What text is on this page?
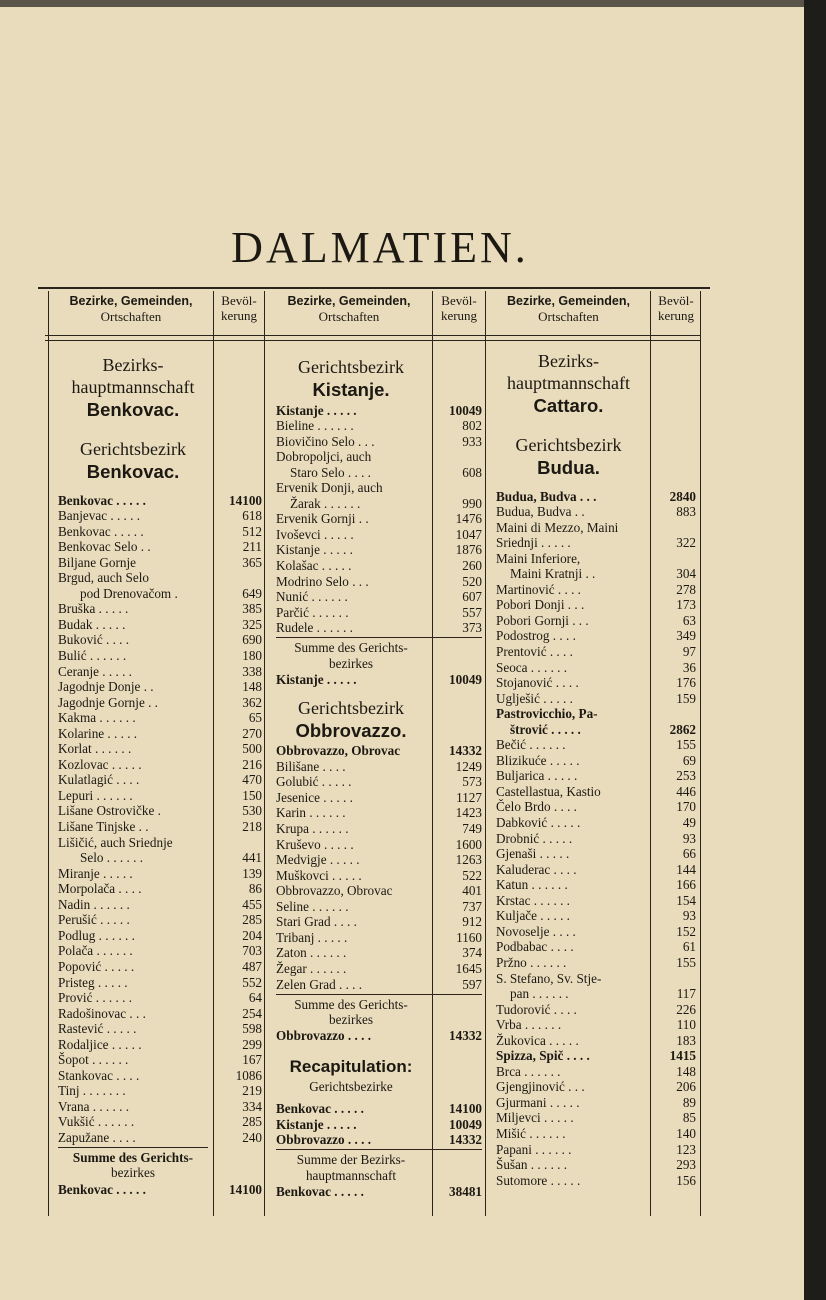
DALMATIEN.
Bezirke, Gemeinden,
Ortschaften
Bevöl-
kerung
Bezirke, Gemeinden,
Ortschaften
Bevöl-
kerung
Bezirke, Gemeinden,
Ortschaften
Bevöl-
kerung
Bezirks-
hauptmannschaft
Benkovac.
Gerichtsbezirk
Benkovac.
Benkovac . . . . .	14100
Banjevac . . . . .	618
Benkovac . . . . .	512
Benkovac Selo . .	211
Biljane Gornje	365
Brgud, auch Selo
pod Drenovačom .	649
Bruška . . . . .	385
Budak . . . . .	325
Buković . . . .	690
Bulić . . . . . .	180
Ceranje . . . . .	338
Jagodnje Donje . .	148
Jagodnje Gornje . .	362
Kakma . . . . . .	65
Kolarine . . . . .	270
Korlat . . . . . .	500
Kozlovac . . . . .	216
Kulatlagić . . . .	470
Lepuri . . . . . .	150
Lišane Ostrovičke .	530
Lišane Tinjske . .	218
Lišičić, auch Sriednje
Selo . . . . . .	441
Miranje . . . . .	139
Morpolača . . . .	86
Nadin . . . . . .	455
Perušić . . . . .	285
Podlug . . . . . .	204
Polača . . . . . .	703
Popović . . . . .	487
Pristeg . . . . .	552
Prović . . . . . .	64
Radošinovac . . .	254
Rastević . . . . .	598
Rodaljice . . . . .	299
Šopot . . . . . .	167
Stankovac . . . .	1086
Tinj . . . . . . .	219
Vrana . . . . . .	334
Vukšić . . . . . .	285
Zapužane . . . .	240
Summe des Gerichts-
bezirkes
Benkovac . . . . .	14100
Gerichtsbezirk
Kistanje.
Kistanje . . . . .	10049
Bieline . . . . . .	802
Biovičino Selo . . .	933
Dobropoljci, auch
Staro Selo . . . .	608
Ervenik Donji, auch
Žarak . . . . . .	990
Ervenik Gornji . .	1476
Ivoševci . . . . .	1047
Kistanje . . . . .	1876
Kolašac . . . . .	260
Modrino Selo . . .	520
Nunić . . . . . .	607
Parčić . . . . . .	557
Rudele . . . . . .	373
Summe des Gerichts-
bezirkes
Kistanje . . . . .	10049
Gerichtsbezirk
Obbrovazzo.
Obbrovazzo, Obrovac	14332
Bilišane . . . .	1249
Golubić . . . . .	573
Jesenice . . . . .	1127
Karin . . . . . .	1423
Krupa . . . . . .	749
Kruševo . . . . .	1600
Medvigje . . . . .	1263
Muškovci . . . . .	522
Obbrovazzo, Obrovac	401
Seline . . . . . .	737
Stari Grad . . . .	912
Tribanj . . . . .	1160
Zaton . . . . . .	374
Žegar . . . . . .	1645
Zelen Grad . . . .	597
Summe des Gerichts-
bezirkes
Obbrovazzo . . . .	14332
Recapitulation:
Gerichtsbezirke
Benkovac . . . . .	14100
Kistanje . . . . .	10049
Obbrovazzo . . . .	14332
Summe der Bezirks-
hauptmannschaft
Benkovac . . . . .	38481
Bezirks-
hauptmannschaft
Cattaro.
Gerichtsbezirk
Budua.
Budua, Budva . . .	2840
Budua, Budva . .	883
Maini di Mezzo, Maini
Sriednji . . . . .	322
Maini Inferiore,
Maini Kratnji . .	304
Martinović . . . .	278
Pobori Donji . . .	173
Pobori Gornji . . .	63
Podostrog . . . .	349
Prentović . . . .	97
Seoca . . . . . .	36
Stojanović . . . .	176
Uglješić . . . . .	159
Pastrovicchio, Pa-
štrović . . . . .	2862
Bečić . . . . . .	155
Blizikuće . . . . .	69
Buljarica . . . . .	253
Castellastua, Kastio	446
Čelo Brdo . . . .	170
Dabković . . . . .	49
Drobnić . . . . .	93
Gjenaši . . . . .	66
Kaluderac . . . .	144
Katun . . . . . .	166
Krstac . . . . . .	154
Kuljače . . . . .	93
Novoselje . . . .	152
Podbabac . . . .	61
Pržno . . . . . .	155
S. Stefano, Sv. Stje-
pan . . . . . .	117
Tudorović . . . .	226
Vrba . . . . . .	110
Žukovica . . . . .	183
Spizza, Spič . . . .	1415
Brca . . . . . .	148
Gjengjinović . . .	206
Gjurmani . . . . .	89
Miljevci . . . . .	85
Mišić . . . . . .	140
Papani . . . . . .	123
Šušan . . . . . .	293
Sutomore . . . . .	156
